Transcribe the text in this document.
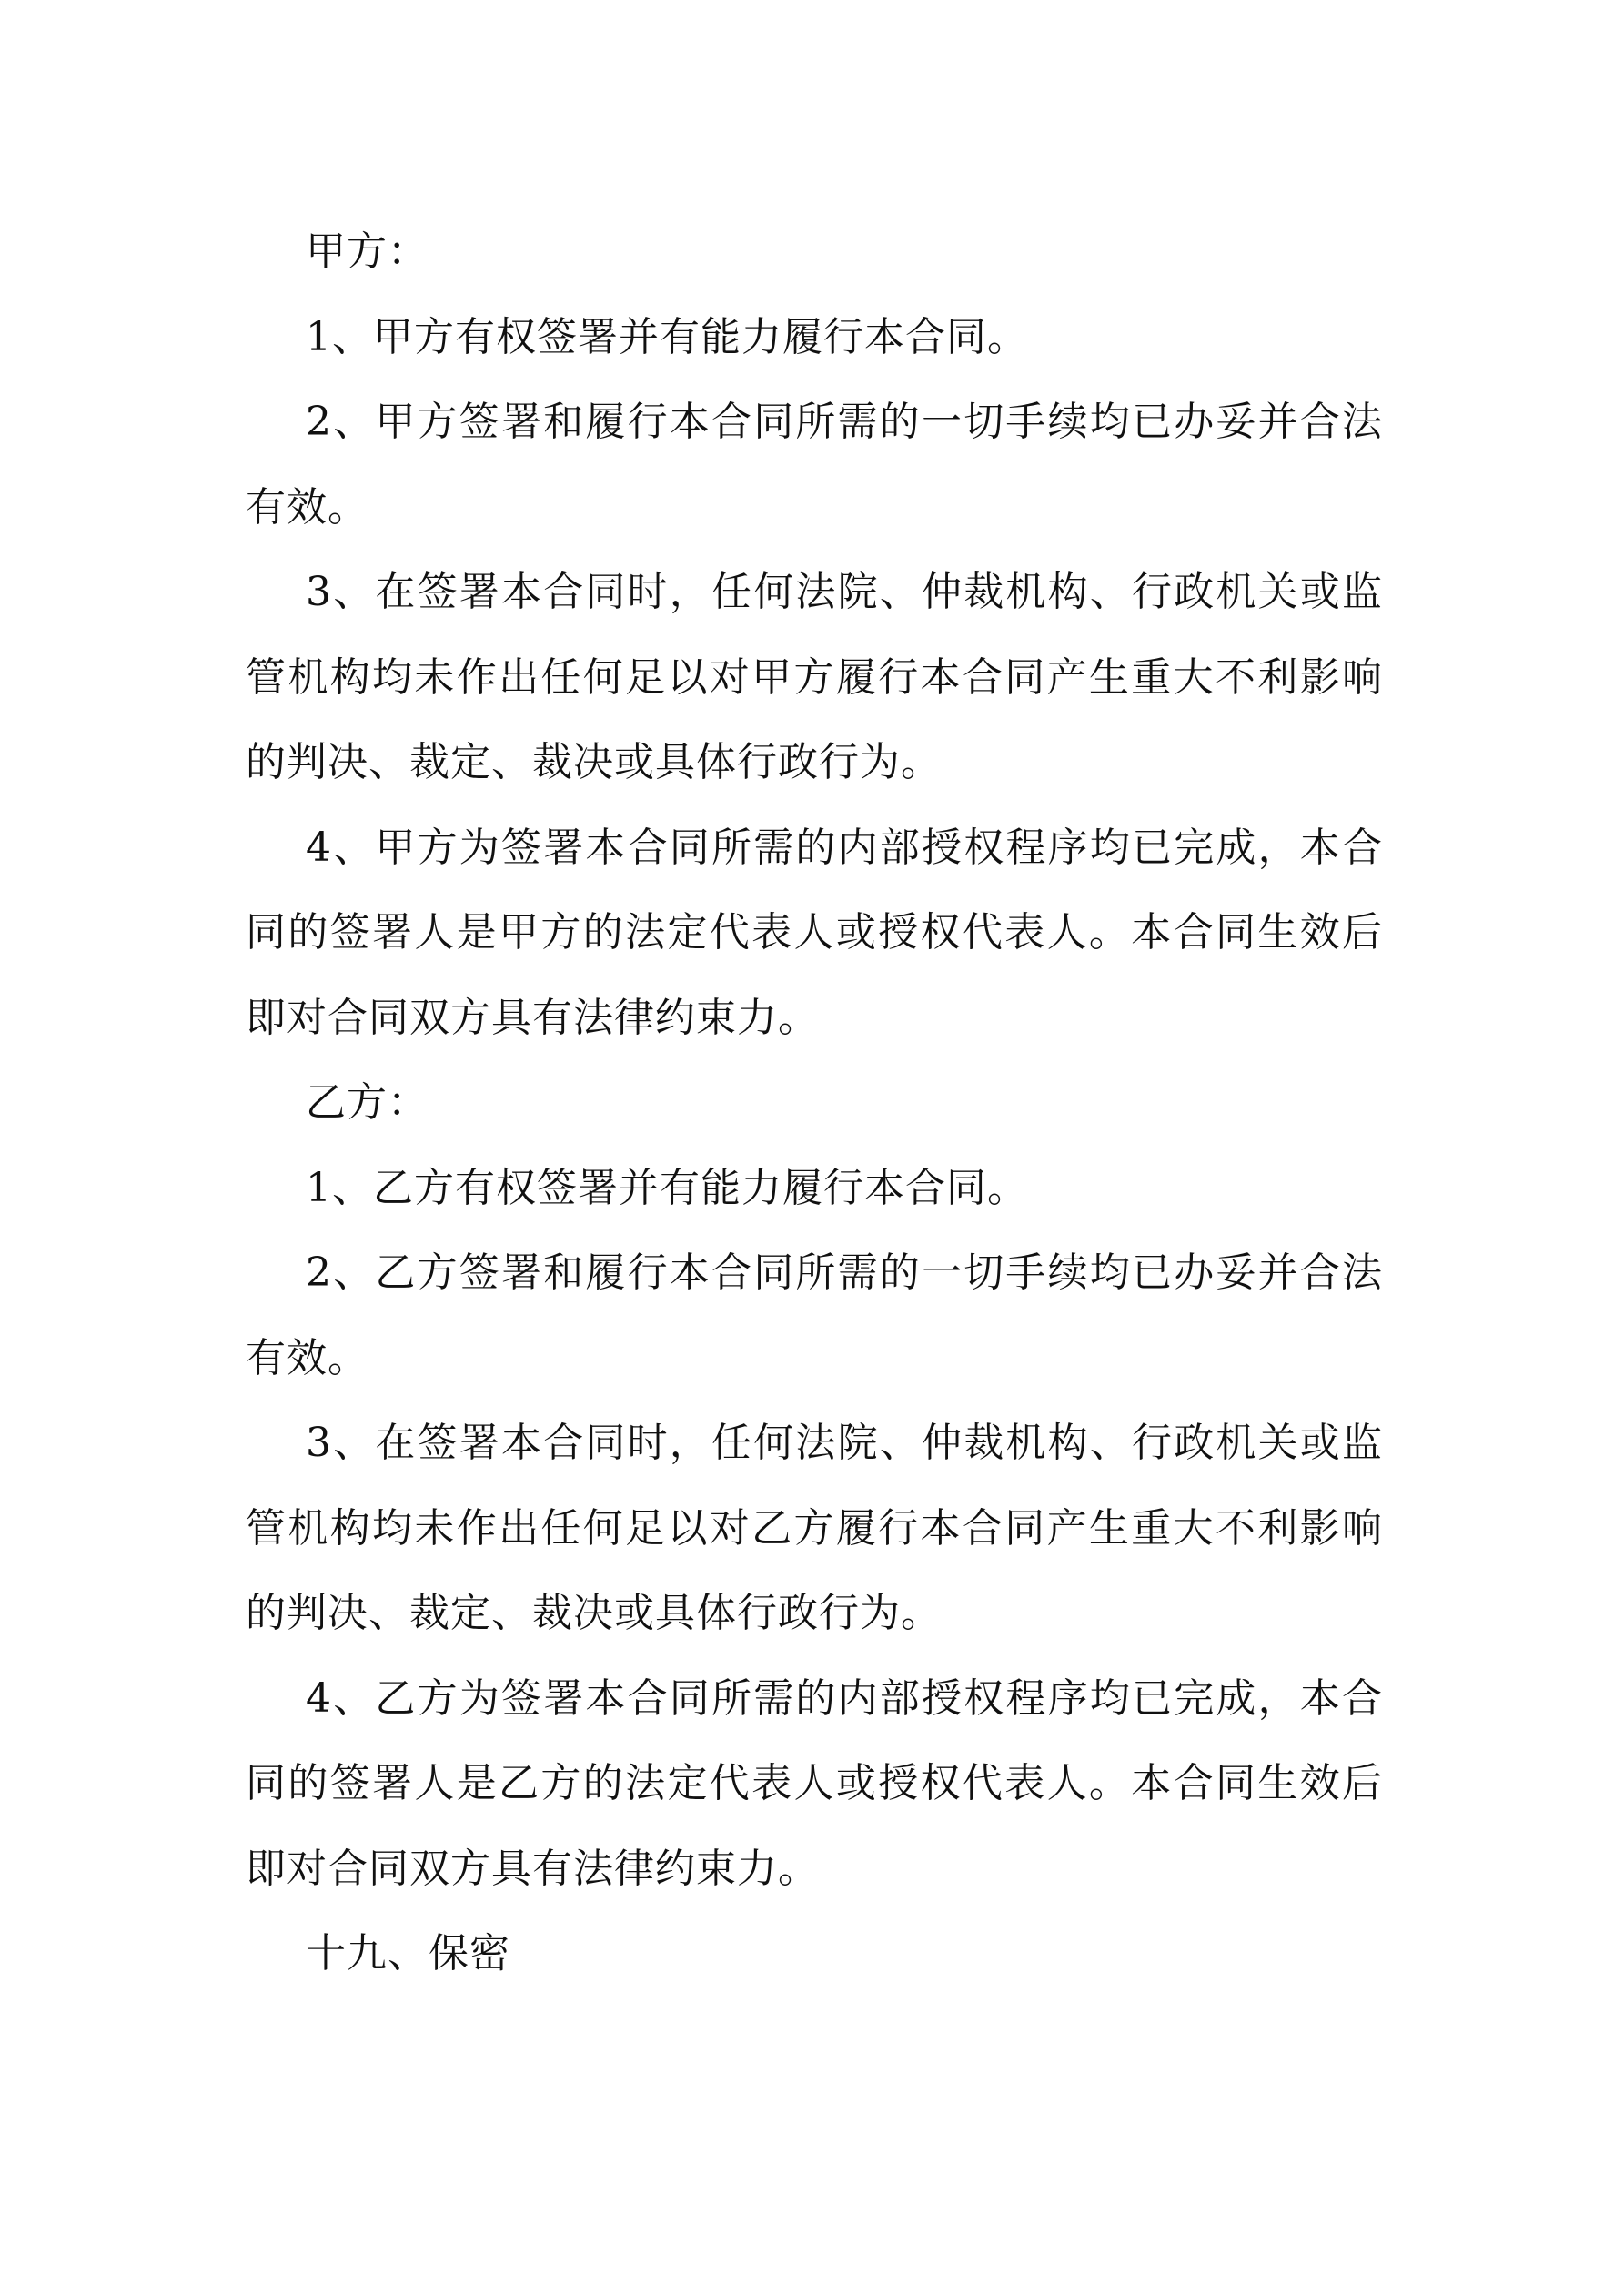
甲方：

1、甲方有权签署并有能力履行本合同。

2、甲方签署和履行本合同所需的一切手续均已办妥并合法有效。

3、在签署本合同时，任何法院、仲裁机构、行政机关或监管机构均未作出任何足以对甲方履行本合同产生重大不利影响的判决、裁定、裁决或具体行政行为。

4、甲方为签署本合同所需的内部授权程序均已完成，本合同的签署人是甲方的法定代表人或授权代表人。本合同生效后即对合同双方具有法律约束力。

乙方：

1、乙方有权签署并有能力履行本合同。

2、乙方签署和履行本合同所需的一切手续均已办妥并合法有效。

3、在签署本合同时，任何法院、仲裁机构、行政机关或监管机构均未作出任何足以对乙方履行本合同产生重大不利影响的判决、裁定、裁决或具体行政行为。

4、乙方为签署本合同所需的内部授权程序均已完成，本合同的签署人是乙方的法定代表人或授权代表人。本合同生效后即对合同双方具有法律约束力。

十九、保密
